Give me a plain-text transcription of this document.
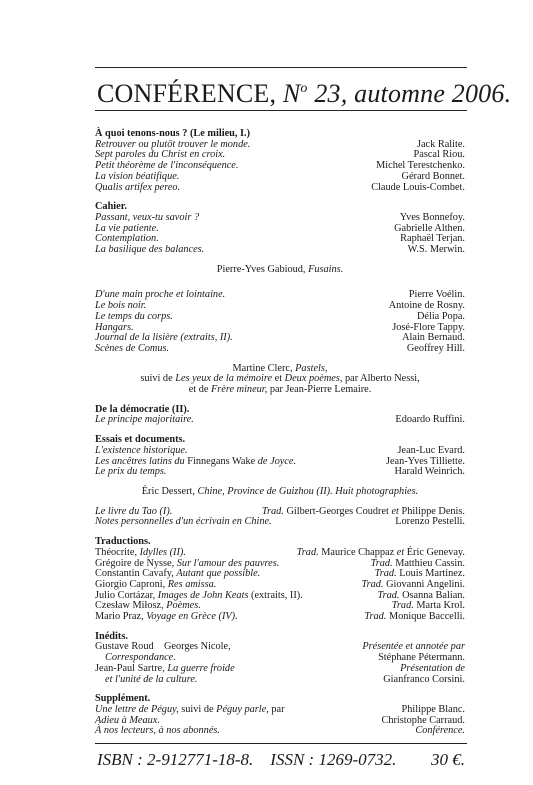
CONFÉRENCE, $N^o$ 23, automne 2006.
À quoi tenons-nous ? (Le milieu, I.)
Retrouver ou plutôt trouver le monde.	Jack Ralite.
Sept paroles du Christ en croix.	Pascal Riou.
Petit théorème de l'inconséquence.	Michel Terestchenko.
La vision béatifique.	Gérard Bonnet.
Qualis artifex pereo.	Claude Louis-Combet.
Cahier.
Passant, veux-tu savoir ?	Yves Bonnefoy.
La vie patiente.	Gabrielle Althen.
Contemplation.	Raphaël Terjan.
La basilique des balances.	W.S. Merwin.
Pierre-Yves Gabioud, Fusains.
D'une main proche et lointaine.	Pierre Voélin.
Le bois noir.	Antoine de Rosny.
Le temps du corps.	Délia Popa.
Hangars.	José-Flore Tappy.
Journal de la lisière (extraits, II).	Alain Bernaud.
Scènes de Comus.	Geoffrey Hill.
Martine Clerc, Pastels,
suivi de Les yeux de la mémoire et Deux poèmes, par Alberto Nessi,
et de Frère mineur, par Jean-Pierre Lemaire.
De la démocratie (II).
Le principe majoritaire.	Edoardo Ruffini.
Essais et documents.
L'existence historique.	Jean-Luc Evard.
Les ancêtres latins du Finnegans Wake de Joyce.	Jean-Yves Tilliette.
Le prix du temps.	Harald Weinrich.
Éric Dessert, Chine, Province de Guizhou (II). Huit photographies.
Le livre du Tao (I).	Trad. Gilbert-Georges Coudret et Philippe Denis.
Notes personnelles d'un écrivain en Chine.	Lorenzo Pestelli.
Traductions.
Théocrite, Idylles (II).	Trad. Maurice Chappaz et Éric Genevay.
Grégoire de Nysse, Sur l'amour des pauvres.	Trad. Matthieu Cassin.
Constantin Cavafy, Autant que possible.	Trad. Louis Martinez.
Giorgio Caproni, Res amissa.	Trad. Giovanni Angelini.
Julio Cortázar, Images de John Keats (extraits, II).	Trad. Osanna Balian.
Czesław Miłosz, Poèmes.	Trad. Marta Krol.
Mario Praz, Voyage en Grèce (IV).	Trad. Monique Baccelli.
Inédits.
Gustave Roud Georges Nicole,	Présentée et annotée par
Correspondance.	Stéphane Pétermann.
Jean-Paul Sartre, La guerre froide	Présentation de
et l'unité de la culture.	Gianfranco Corsini.
Supplément.
Une lettre de Péguy, suivi de Péguy parle, par	Philippe Blanc.
Adieu à Meaux.	Christophe Carraud.
À nos lecteurs, à nos abonnés.	Conférence.
ISBN : 2-912771-18-8. ISSN : 1269-0732. 30 €.
